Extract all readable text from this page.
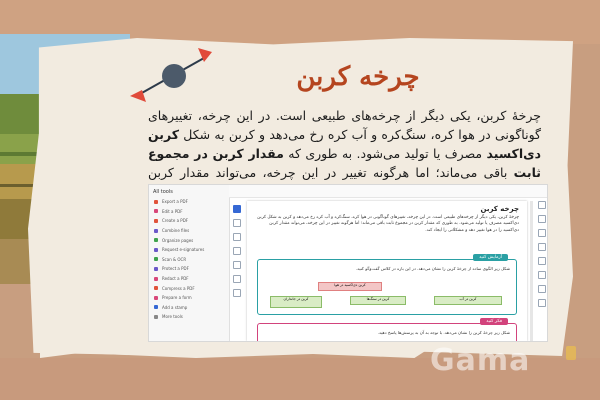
چرخه کربن
چرخهٔ کربن، یکی دیگر از چرخه‌های طبیعی است. در این چرخه، تغییرهای گوناگونی در هوا کره، سنگ‌کره و آب کره رخ می‌دهد و کربن به شکل کربن دی‌اکسید مصرف یا تولید می‌شود. به طوری که مقدار کربن در مجموع ثابت باقی می‌ماند؛ اما هرگونه تغییر در این چرخه، می‌تواند مقدار کربن
All tools
Export a PDF
Edit a PDF
Create a PDF
Combine files
Organize pages
Request e-signatures
Scan & OCR
Protect a PDF
Redact a PDF
Compress a PDF
Prepare a form
Add a stamp
More tools
چرخه کربن
چرخهٔ کربن، یکی دیگر از چرخه‌های طبیعی است. در این چرخه، تغییرهای گوناگونی در هوا کره، سنگ‌کره و آب کره رخ می‌دهد و کربن به شکل کربن دی‌اکسید مصرف یا تولید می‌شود. به طوری که مقدار کربن در مجموع ثابت باقی می‌ماند؛ اما هرگونه تغییر در این چرخه، می‌تواند مقدار کربن دی‌اکسید را در هوا تغییر دهد و مشکلاتی را ایجاد کند.
آزمایش کنید
شکل زیر الگوی ساده از چرخهٔ کربن را نشان می‌دهد. در این باره در کلاس گفت‌وگو کنید.
کربن دی‌اکسید در هوا
کربن در جانداران	کربن در سنگ‌ها	کربن در آب
فکر کنید
شکل زیر چرخهٔ کربن را نشان می‌دهد. با توجه به آن به پرسش‌ها پاسخ دهید.
Gama
